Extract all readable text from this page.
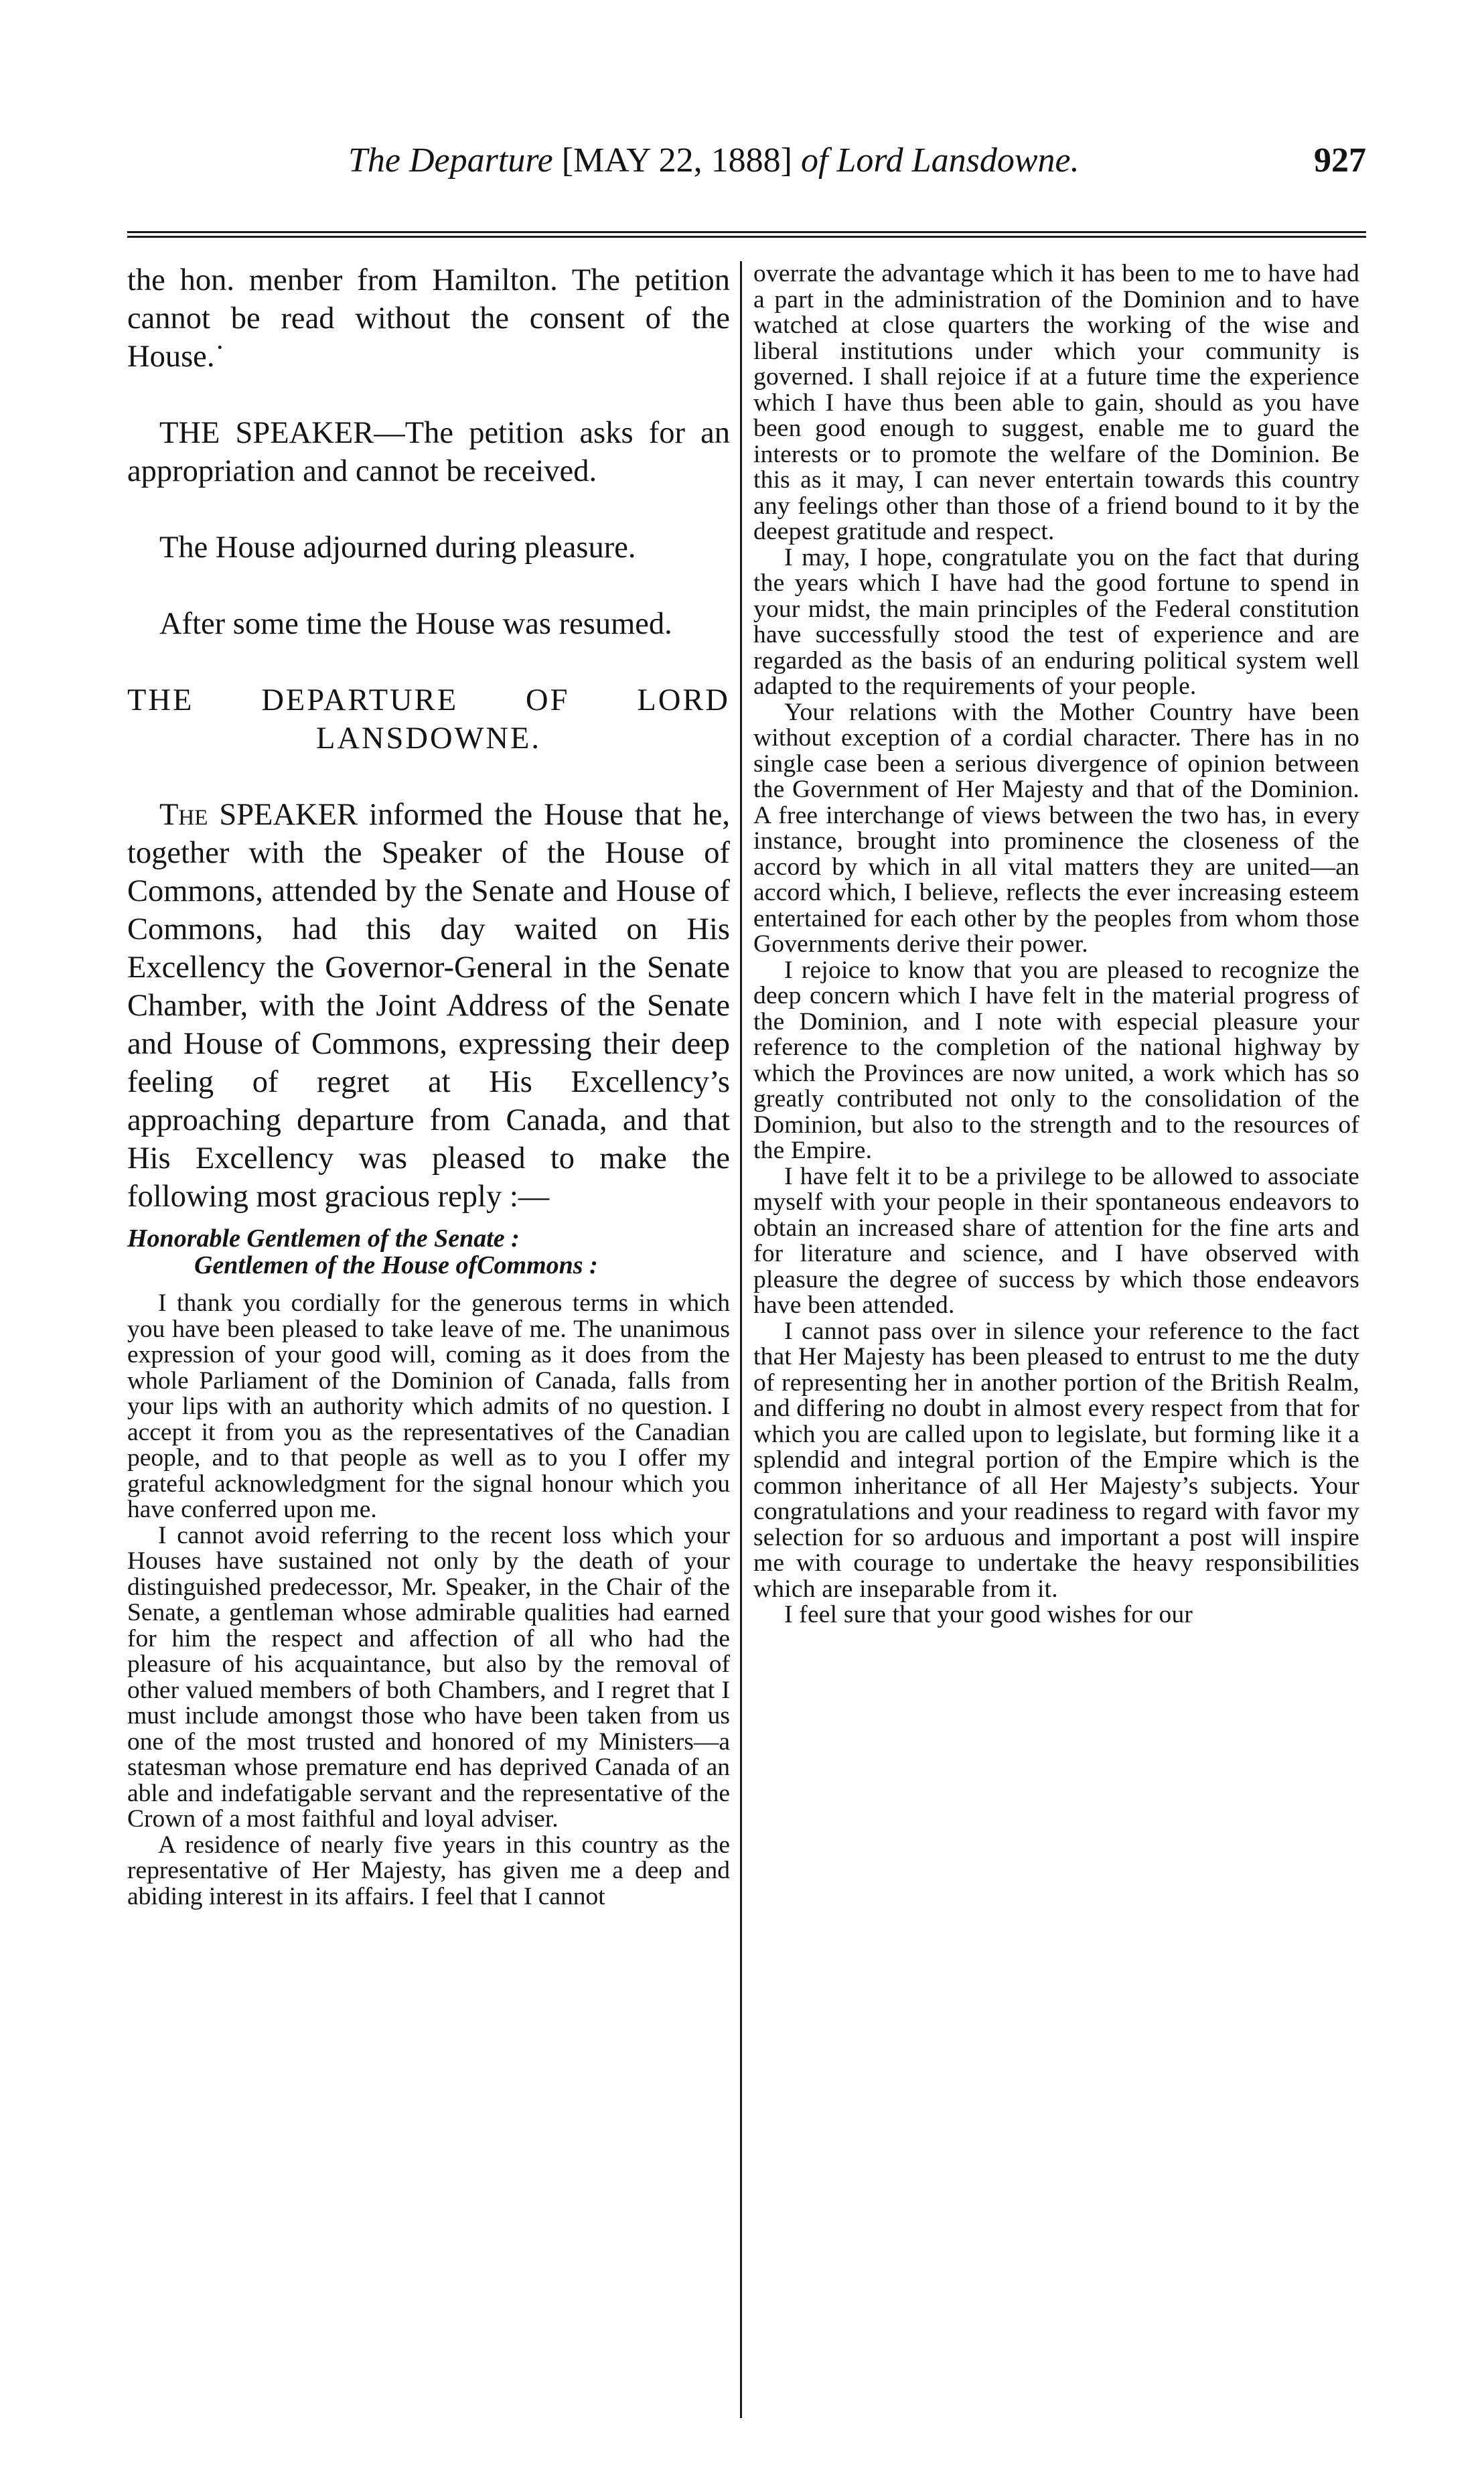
The Departure [MAY 22, 1888] of Lord Lansdowne.	927

the hon. menber from Hamilton. The petition cannot be read without the consent of the House.˙

THE SPEAKER—The petition asks for an appropriation and cannot be received.

The House adjourned during pleasure.

After some time the House was resumed.

THE DEPARTURE OF LORD
LANSDOWNE.

The SPEAKER informed the House that he, together with the Speaker of the House of Commons, attended by the Senate and House of Commons, had this day waited on His Excellency the Governor-General in the Senate Chamber, with the Joint Address of the Senate and House of Commons, expressing their deep feeling of regret at His Excellency’s approaching departure from Canada, and that His Excellency was pleased to make the following most gracious reply :—

Honorable Gentlemen of the Senate :
Gentlemen of the House ofCommons :

I thank you cordially for the generous terms in which you have been pleased to take leave of me. The unanimous expression of your good will, coming as it does from the whole Parliament of the Dominion of Canada, falls from your lips with an authority which admits of no question. I accept it from you as the representatives of the Canadian people, and to that people as well as to you I offer my grateful acknowledgment for the signal honour which you have conferred upon me.

I cannot avoid referring to the recent loss which your Houses have sustained not only by the death of your distinguished predecessor, Mr. Speaker, in the Chair of the Senate, a gentleman whose admirable qualities had earned for him the respect and affection of all who had the pleasure of his acquaintance, but also by the removal of other valued members of both Chambers, and I regret that I must include amongst those who have been taken from us one of the most trusted and honored of my Ministers—a statesman whose premature end has deprived Canada of an able and indefatigable servant and the representative of the Crown of a most faithful and loyal adviser.

A residence of nearly five years in this country as the representative of Her Majesty, has given me a deep and abiding interest in its affairs. I feel that I cannot

overrate the advantage which it has been to me to have had a part in the administration of the Dominion and to have watched at close quarters the working of the wise and liberal institutions under which your community is governed. I shall rejoice if at a future time the experience which I have thus been able to gain, should as you have been good enough to suggest, enable me to guard the interests or to promote the welfare of the Dominion. Be this as it may, I can never entertain towards this country any feelings other than those of a friend bound to it by the deepest gratitude and respect.

I may, I hope, congratulate you on the fact that during the years which I have had the good fortune to spend in your midst, the main principles of the Federal constitution have successfully stood the test of experience and are regarded as the basis of an enduring political system well adapted to the requirements of your people.

Your relations with the Mother Country have been without exception of a cordial character. There has in no single case been a serious divergence of opinion between the Government of Her Majesty and that of the Dominion. A free interchange of views between the two has, in every instance, brought into prominence the closeness of the accord by which in all vital matters they are united—an accord which, I believe, reflects the ever increasing esteem entertained for each other by the peoples from whom those Governments derive their power.

I rejoice to know that you are pleased to recognize the deep concern which I have felt in the material progress of the Dominion, and I note with especial pleasure your reference to the completion of the national highway by which the Provinces are now united, a work which has so greatly contributed not only to the consolidation of the Dominion, but also to the strength and to the resources of the Empire.

I have felt it to be a privilege to be allowed to associate myself with your people in their spontaneous endeavors to obtain an increased share of attention for the fine arts and for literature and science, and I have observed with pleasure the degree of success by which those endeavors have been attended.

I cannot pass over in silence your reference to the fact that Her Majesty has been pleased to entrust to me the duty of representing her in another portion of the British Realm, and differing no doubt in almost every respect from that for which you are called upon to legislate, but forming like it a splendid and integral portion of the Empire which is the common inheritance of all Her Majesty’s subjects. Your congratulations and your readiness to regard with favor my selection for so arduous and important a post will inspire me with courage to undertake the heavy responsibilities which are inseparable from it.

I feel sure that your good wishes for our
